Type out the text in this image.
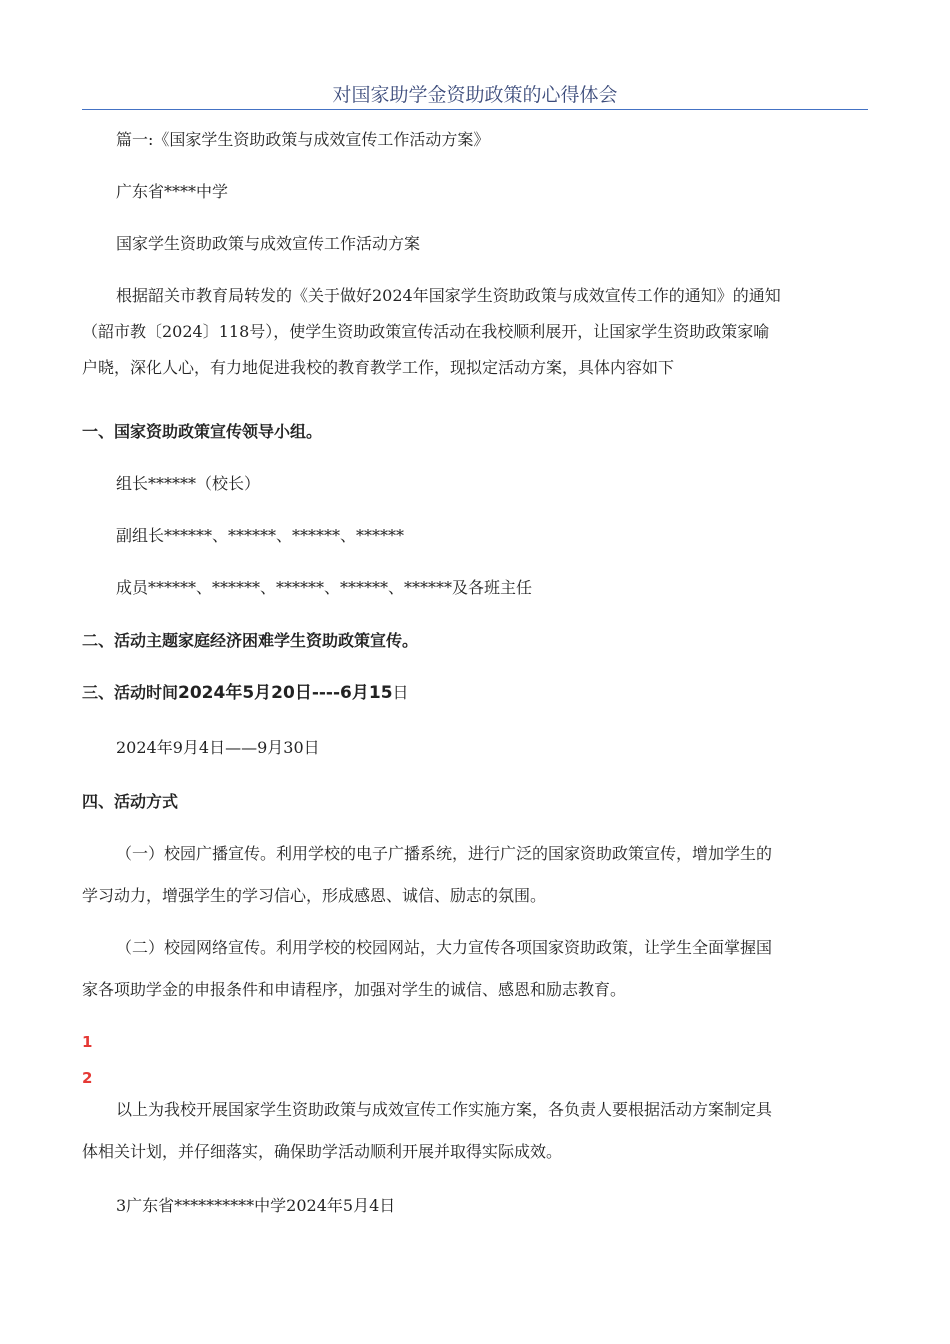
对国家助学金资助政策的心得体会
篇一:《国家学生资助政策与成效宣传工作活动方案》
广东省****中学
国家学生资助政策与成效宣传工作活动方案
根据韶关市教育局转发的《关于做好2024年国家学生资助政策与成效宣传工作的通知》的通知
（韶市教〔2024〕118号），使学生资助政策宣传活动在我校顺利展开，让国家学生资助政策家喻
户晓，深化人心，有力地促进我校的教育教学工作，现拟定活动方案，具体内容如下
一、国家资助政策宣传领导小组。
组长******（校长）
副组长******、******、******、******
成员******、******、******、******、******及各班主任
二、活动主题家庭经济困难学生资助政策宣传。
三、活动时间2024年5月20日----6月15日
2024年9月4日——9月30日
四、活动方式
（一）校园广播宣传。利用学校的电子广播系统，进行广泛的国家资助政策宣传，增加学生的
学习动力，增强学生的学习信心，形成感恩、诚信、励志的氛围。
（二）校园网络宣传。利用学校的校园网站，大力宣传各项国家资助政策，让学生全面掌握国
家各项助学金的申报条件和申请程序，加强对学生的诚信、感恩和励志教育。
1
2
以上为我校开展国家学生资助政策与成效宣传工作实施方案，各负责人要根据活动方案制定具
体相关计划，并仔细落实，确保助学活动顺利开展并取得实际成效。
3广东省**********中学2024年5月4日
